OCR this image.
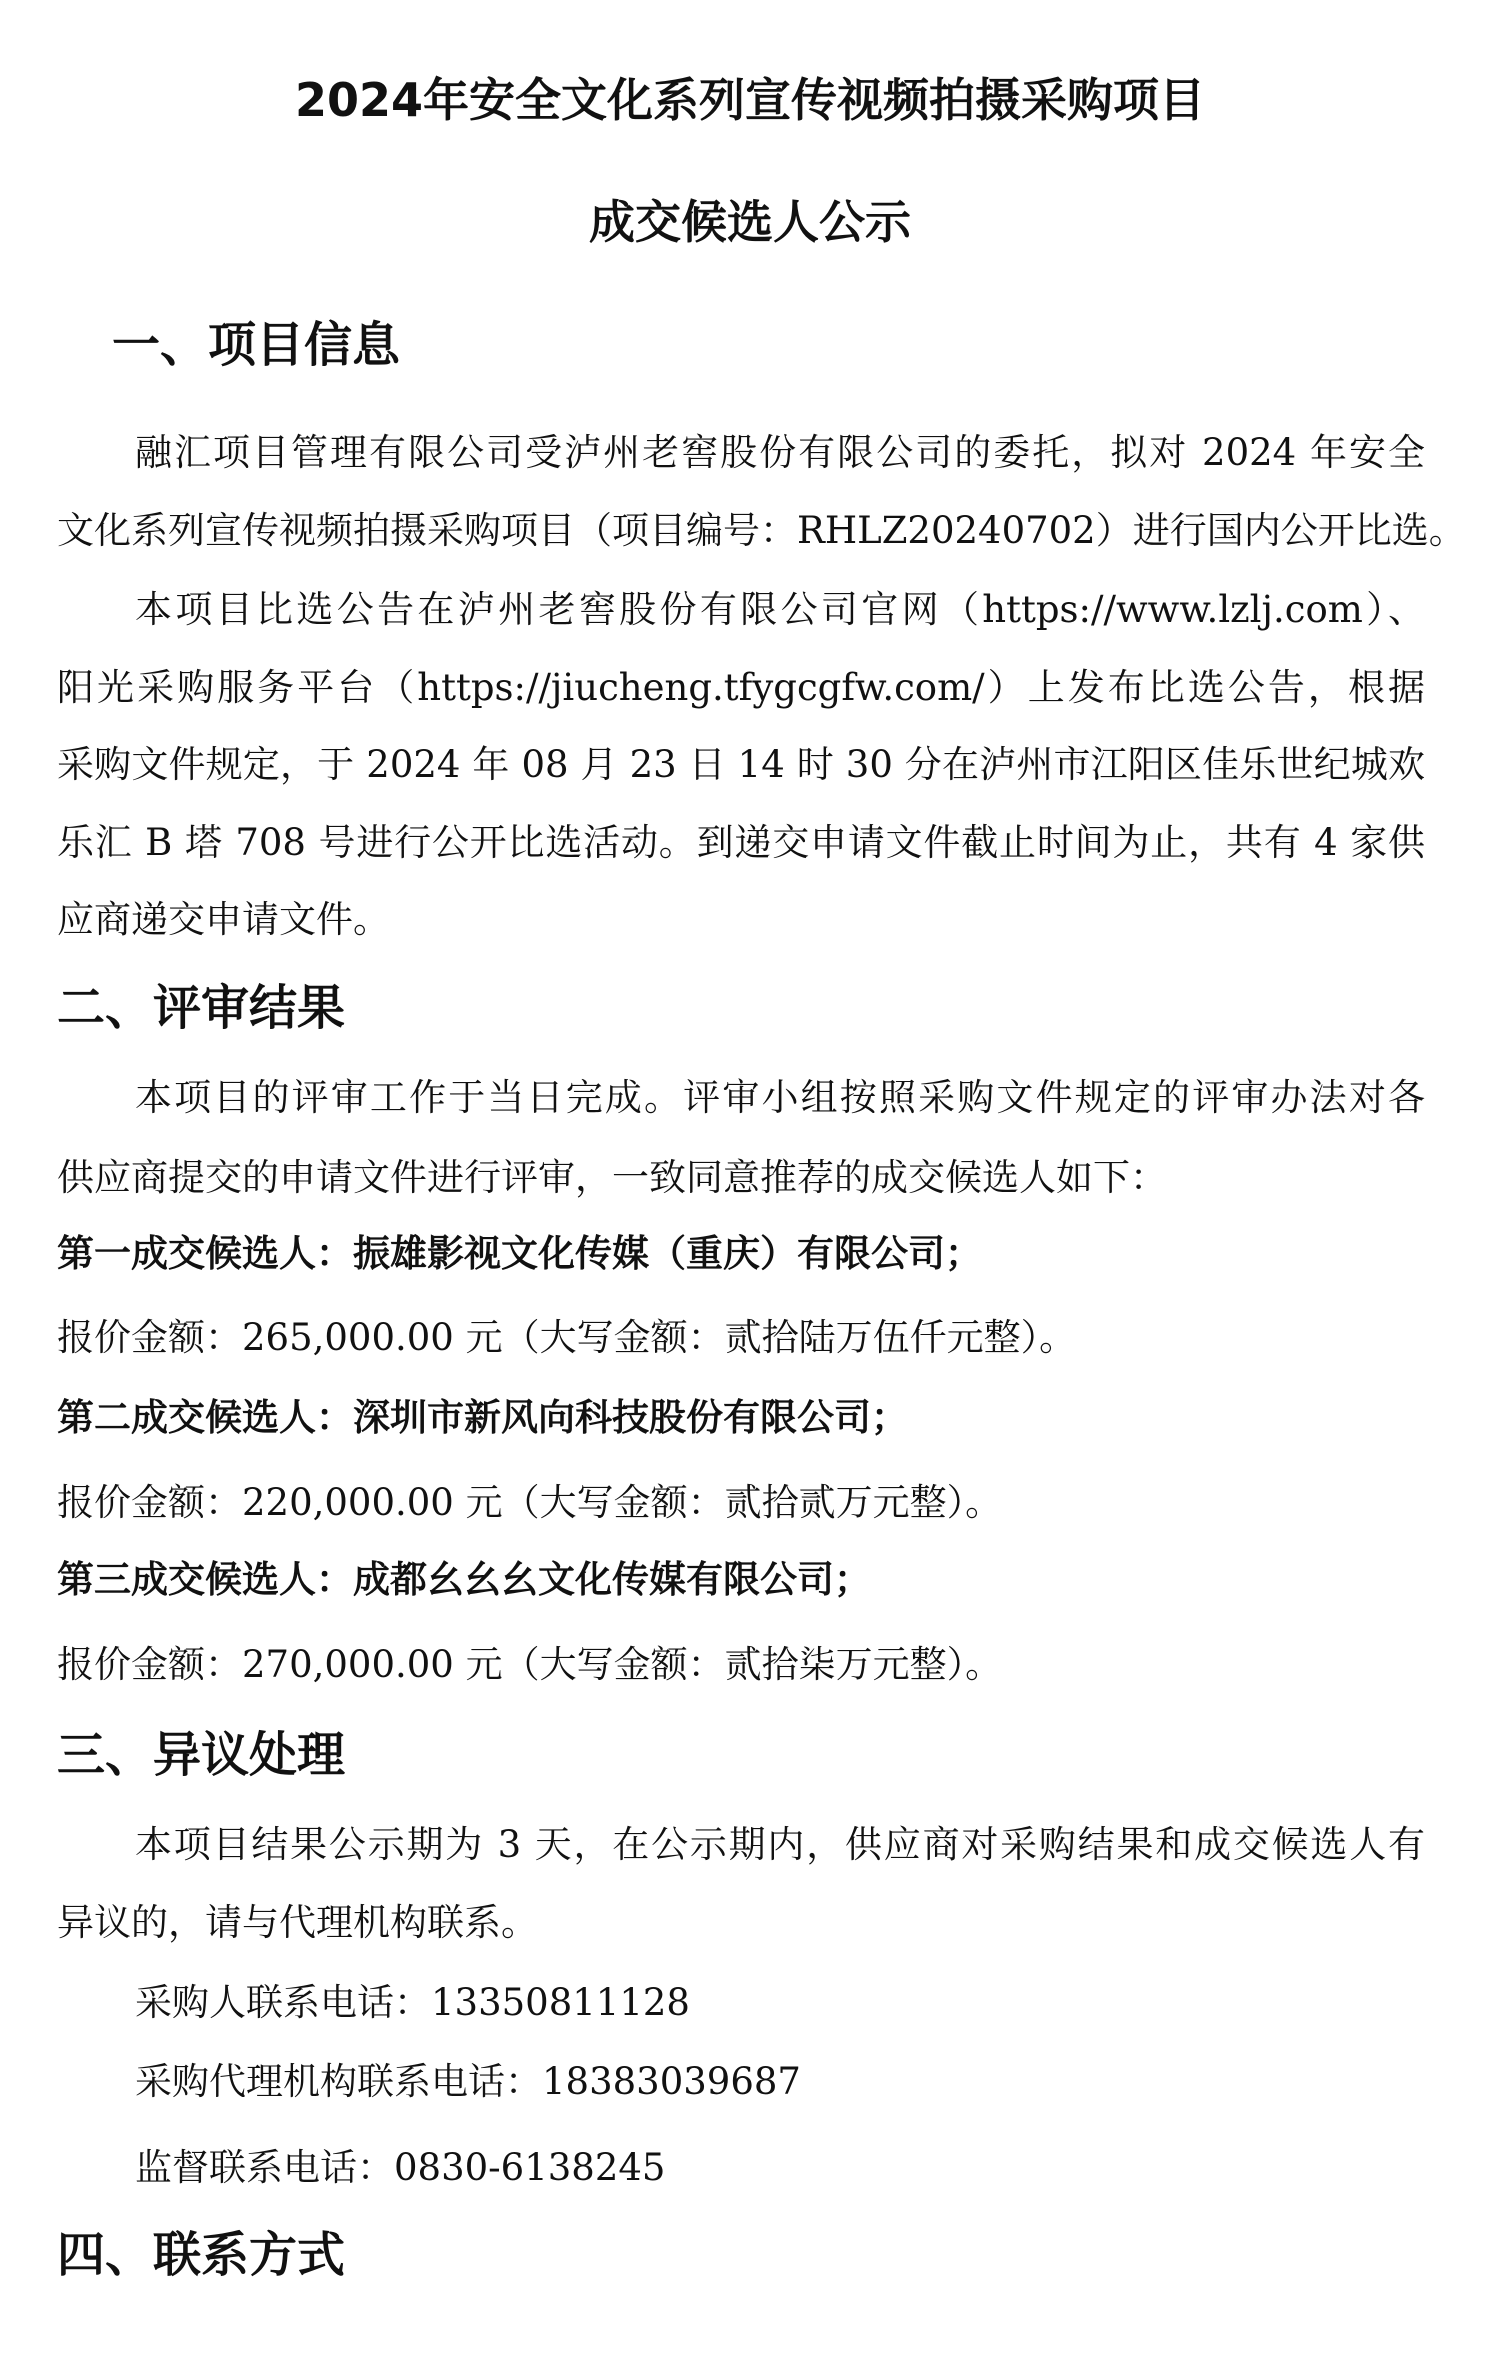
2024年安全文化系列宣传视频拍摄采购项目
成交候选人公示
一、项目信息
融汇项目管理有限公司受泸州老窖股份有限公司的委托，拟对 2024 年安全
文化系列宣传视频拍摄采购项目（项目编号：RHLZ20240702）进行国内公开比选。
本项目比选公告在泸州老窖股份有限公司官网（https://www.lzlj.com）、
阳光采购服务平台（https://jiucheng.tfygcgfw.com/）上发布比选公告，根据
采购文件规定，于 2024 年 08 月 23 日 14 时 30 分在泸州市江阳区佳乐世纪城欢
乐汇 B 塔 708 号进行公开比选活动。到递交申请文件截止时间为止，共有 4 家供
应商递交申请文件。
二、评审结果
本项目的评审工作于当日完成。评审小组按照采购文件规定的评审办法对各
供应商提交的申请文件进行评审，一致同意推荐的成交候选人如下：
第一成交候选人：振雄影视文化传媒（重庆）有限公司；
报价金额：265,000.00 元（大写金额：贰拾陆万伍仟元整）。
第二成交候选人：深圳市新风向科技股份有限公司；
报价金额：220,000.00 元（大写金额：贰拾贰万元整）。
第三成交候选人：成都幺幺幺文化传媒有限公司；
报价金额：270,000.00 元（大写金额：贰拾柒万元整）。
三、异议处理
本项目结果公示期为 3 天，在公示期内，供应商对采购结果和成交候选人有
异议的，请与代理机构联系。
采购人联系电话：13350811128
采购代理机构联系电话：18383039687
监督联系电话：0830-6138245
四、联系方式
